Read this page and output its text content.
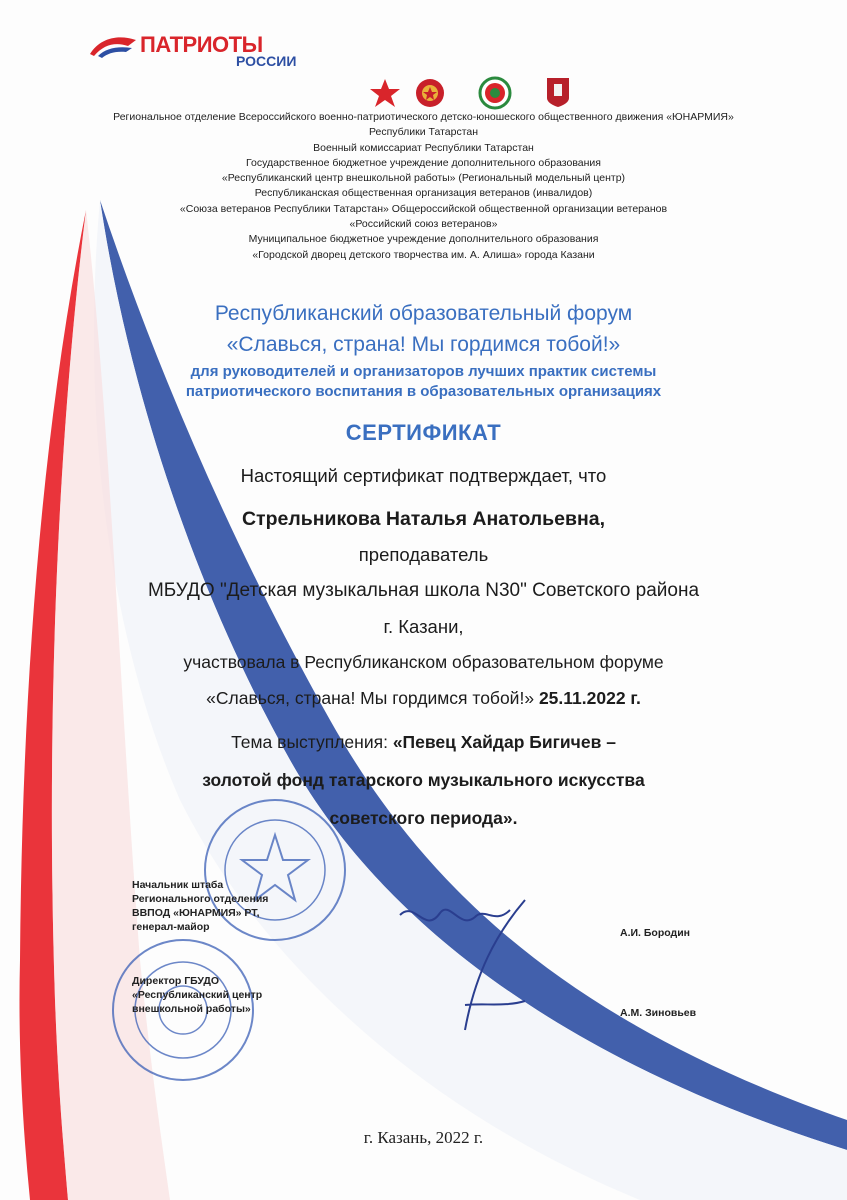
ПАТРИОТЫ
РОССИИ
Региональное отделение Всероссийского военно-патриотического детско-юношеского общественного движения «ЮНАРМИЯ»
Республики Татарстан
Военный комиссариат Республики Татарстан
Государственное бюджетное учреждение дополнительного образования
«Республиканский центр внешкольной работы» (Региональный модельный центр)
Республиканская общественная организация ветеранов (инвалидов)
«Союза ветеранов Республики Татарстан» Общероссийской общественной организации ветеранов
«Российский союз ветеранов»
Муниципальное бюджетное учреждение дополнительного образования
«Городской дворец детского творчества им. А. Алиша» города Казани
Республиканский образовательный форум
«Славься, страна! Мы гордимся тобой!»
для руководителей и организаторов лучших практик системы
патриотического воспитания в образовательных организациях
СЕРТИФИКАТ
Настоящий сертификат подтверждает, что
Стрельникова Наталья Анатольевна,
преподаватель
МБУДО "Детская музыкальная школа N30" Советского района
г. Казани,
участвовала в Республиканском образовательном форуме
«Славься, страна! Мы гордимся тобой!» 25.11.2022 г.
Тема выступления: «Певец Хайдар Бигичев –
золотой фонд татарского музыкального искусства
советского периода».
Начальник штаба
Регионального отделения
ВВПОД «ЮНАРМИЯ» РТ,
генерал-майор	А.И. Бородин
Директор ГБУДО
«Республиканский центр
внешкольной работы»	А.М. Зиновьев
г. Казань, 2022 г.
